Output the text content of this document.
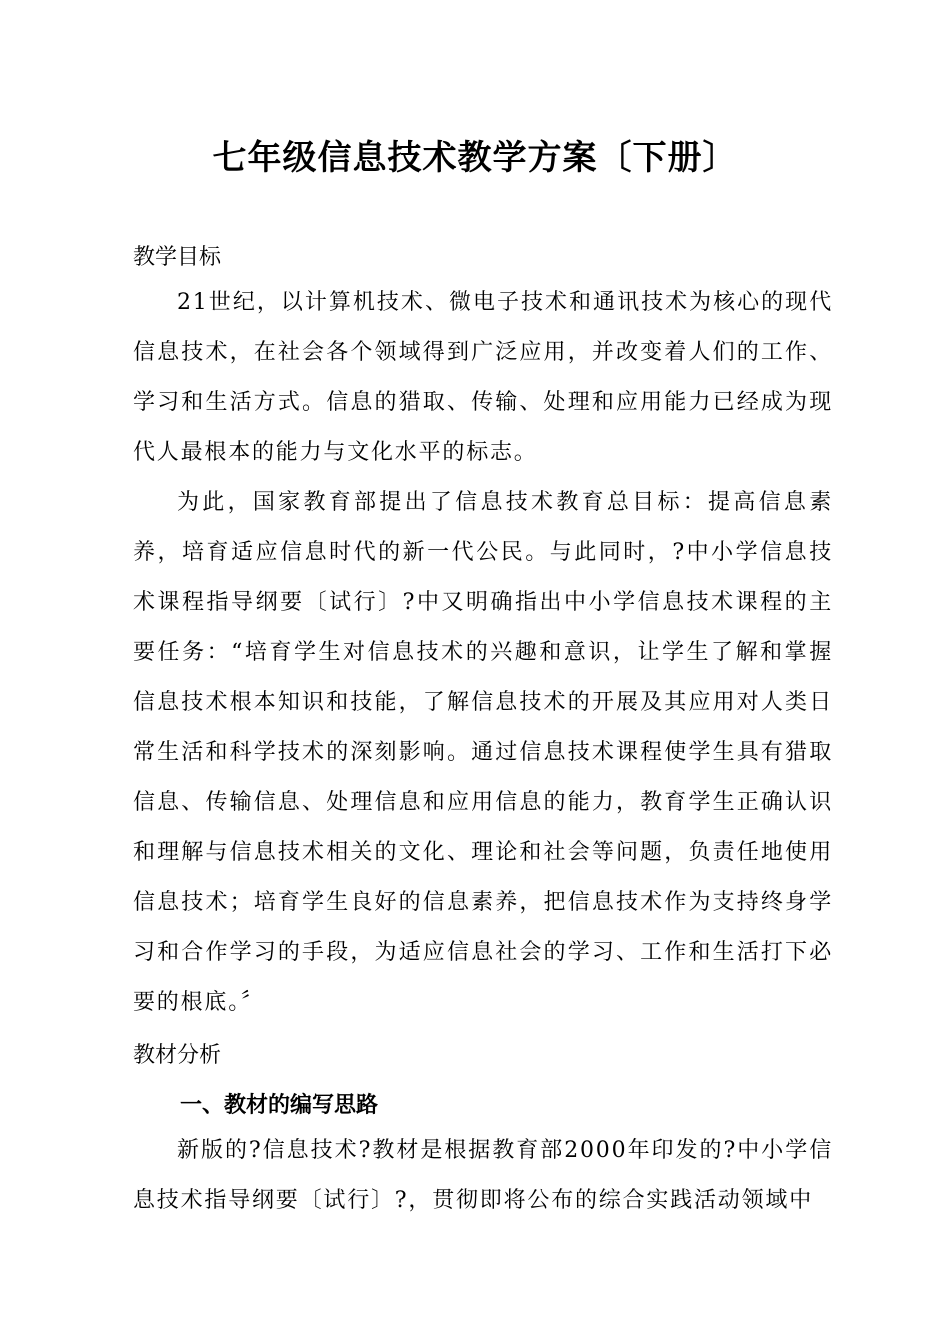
七年级信息技术教学方案〔下册〕
教学目标
21世纪，以计算机技术、微电子技术和通讯技术为核心的现代信息技术，在社会各个领域得到广泛应用，并改变着人们的工作、学习和生活方式。信息的猎取、传输、处理和应用能力已经成为现代人最根本的能力与文化水平的标志。
为此，国家教育部提出了信息技术教育总目标：提高信息素养，培育适应信息时代的新一代公民。与此同时，?中小学信息技术课程指导纲要〔试行〕?中又明确指出中小学信息技术课程的主要任务：“培育学生对信息技术的兴趣和意识，让学生了解和掌握信息技术根本知识和技能，了解信息技术的开展及其应用对人类日常生活和科学技术的深刻影响。通过信息技术课程使学生具有猎取信息、传输信息、处理信息和应用信息的能力，教育学生正确认识和理解与信息技术相关的文化、理论和社会等问题，负责任地使用信息技术；培育学生良好的信息素养，把信息技术作为支持终身学习和合作学习的手段，为适应信息社会的学习、工作和生活打下必要的根底。〞
教材分析
一、教材的编写思路
新版的?信息技术?教材是根据教育部2000年印发的?中小学信息技术指导纲要〔试行〕?，贯彻即将公布的综合实践活动领域中
